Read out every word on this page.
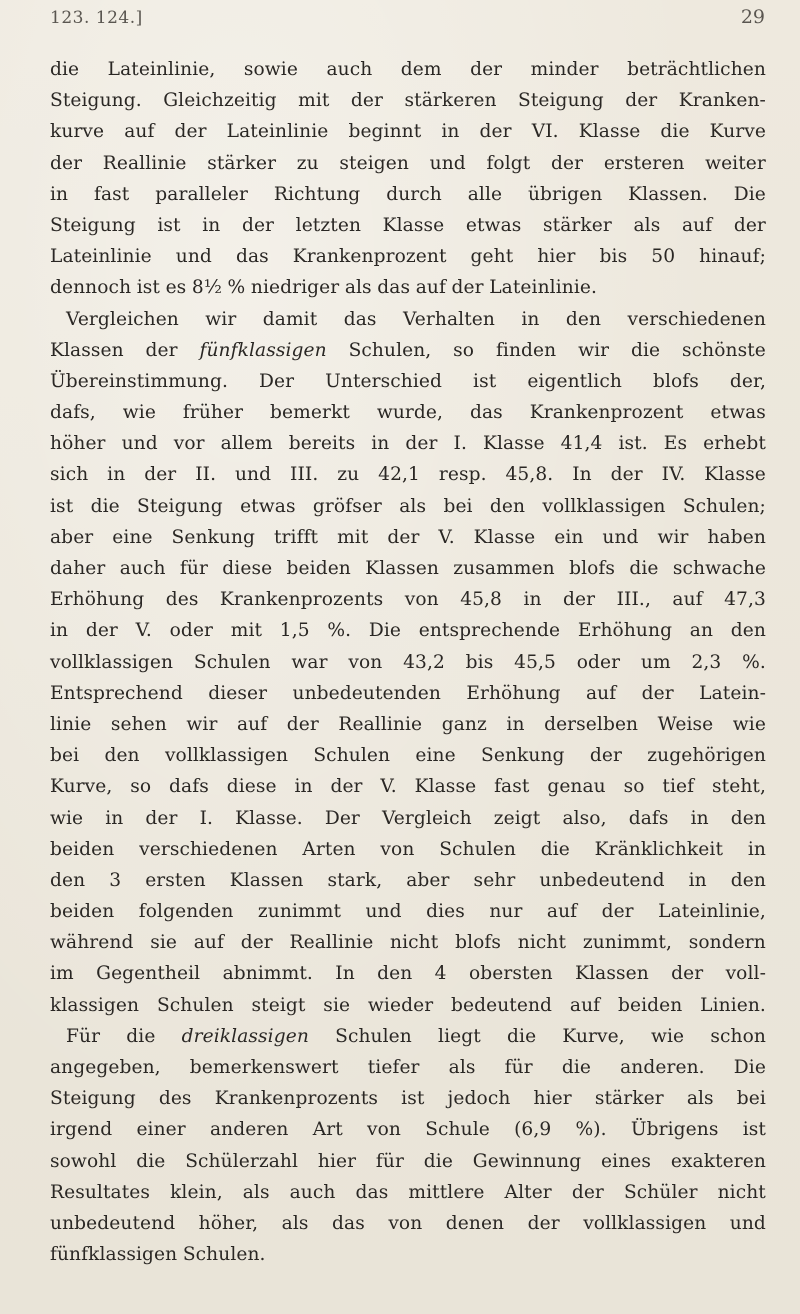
123. 124.]	29
die Lateinlinie, sowie auch dem der minder beträchtlichen
Steigung. Gleichzeitig mit der stärkeren Steigung der Kranken-
kurve auf der Lateinlinie beginnt in der VI. Klasse die Kurve
der Reallinie stärker zu steigen und folgt der ersteren weiter
in fast paralleler Richtung durch alle übrigen Klassen. Die
Steigung ist in der letzten Klasse etwas stärker als auf der
Lateinlinie und das Krankenprozent geht hier bis 50 hinauf;
dennoch ist es 8½ % niedriger als das auf der Lateinlinie.
Vergleichen wir damit das Verhalten in den verschiedenen
Klassen der fünfklassigen Schulen, so finden wir die schönste
Übereinstimmung. Der Unterschied ist eigentlich blofs der,
dafs, wie früher bemerkt wurde, das Krankenprozent etwas
höher und vor allem bereits in der I. Klasse 41,4 ist. Es erhebt
sich in der II. und III. zu 42,1 resp. 45,8. In der IV. Klasse
ist die Steigung etwas gröfser als bei den vollklassigen Schulen;
aber eine Senkung trifft mit der V. Klasse ein und wir haben
daher auch für diese beiden Klassen zusammen blofs die schwache
Erhöhung des Krankenprozents von 45,8 in der III., auf 47,3
in der V. oder mit 1,5 %. Die entsprechende Erhöhung an den
vollklassigen Schulen war von 43,2 bis 45,5 oder um 2,3 %.
Entsprechend dieser unbedeutenden Erhöhung auf der Latein-
linie sehen wir auf der Reallinie ganz in derselben Weise wie
bei den vollklassigen Schulen eine Senkung der zugehörigen
Kurve, so dafs diese in der V. Klasse fast genau so tief steht,
wie in der I. Klasse. Der Vergleich zeigt also, dafs in den
beiden verschiedenen Arten von Schulen die Kränklichkeit in
den 3 ersten Klassen stark, aber sehr unbedeutend in den
beiden folgenden zunimmt und dies nur auf der Lateinlinie,
während sie auf der Reallinie nicht blofs nicht zunimmt, sondern
im Gegentheil abnimmt. In den 4 obersten Klassen der voll-
klassigen Schulen steigt sie wieder bedeutend auf beiden Linien.
Für die dreiklassigen Schulen liegt die Kurve, wie schon
angegeben, bemerkenswert tiefer als für die anderen. Die
Steigung des Krankenprozents ist jedoch hier stärker als bei
irgend einer anderen Art von Schule (6,9 %). Übrigens ist
sowohl die Schülerzahl hier für die Gewinnung eines exakteren
Resultates klein, als auch das mittlere Alter der Schüler nicht
unbedeutend höher, als das von denen der vollklassigen und
fünfklassigen Schulen.
